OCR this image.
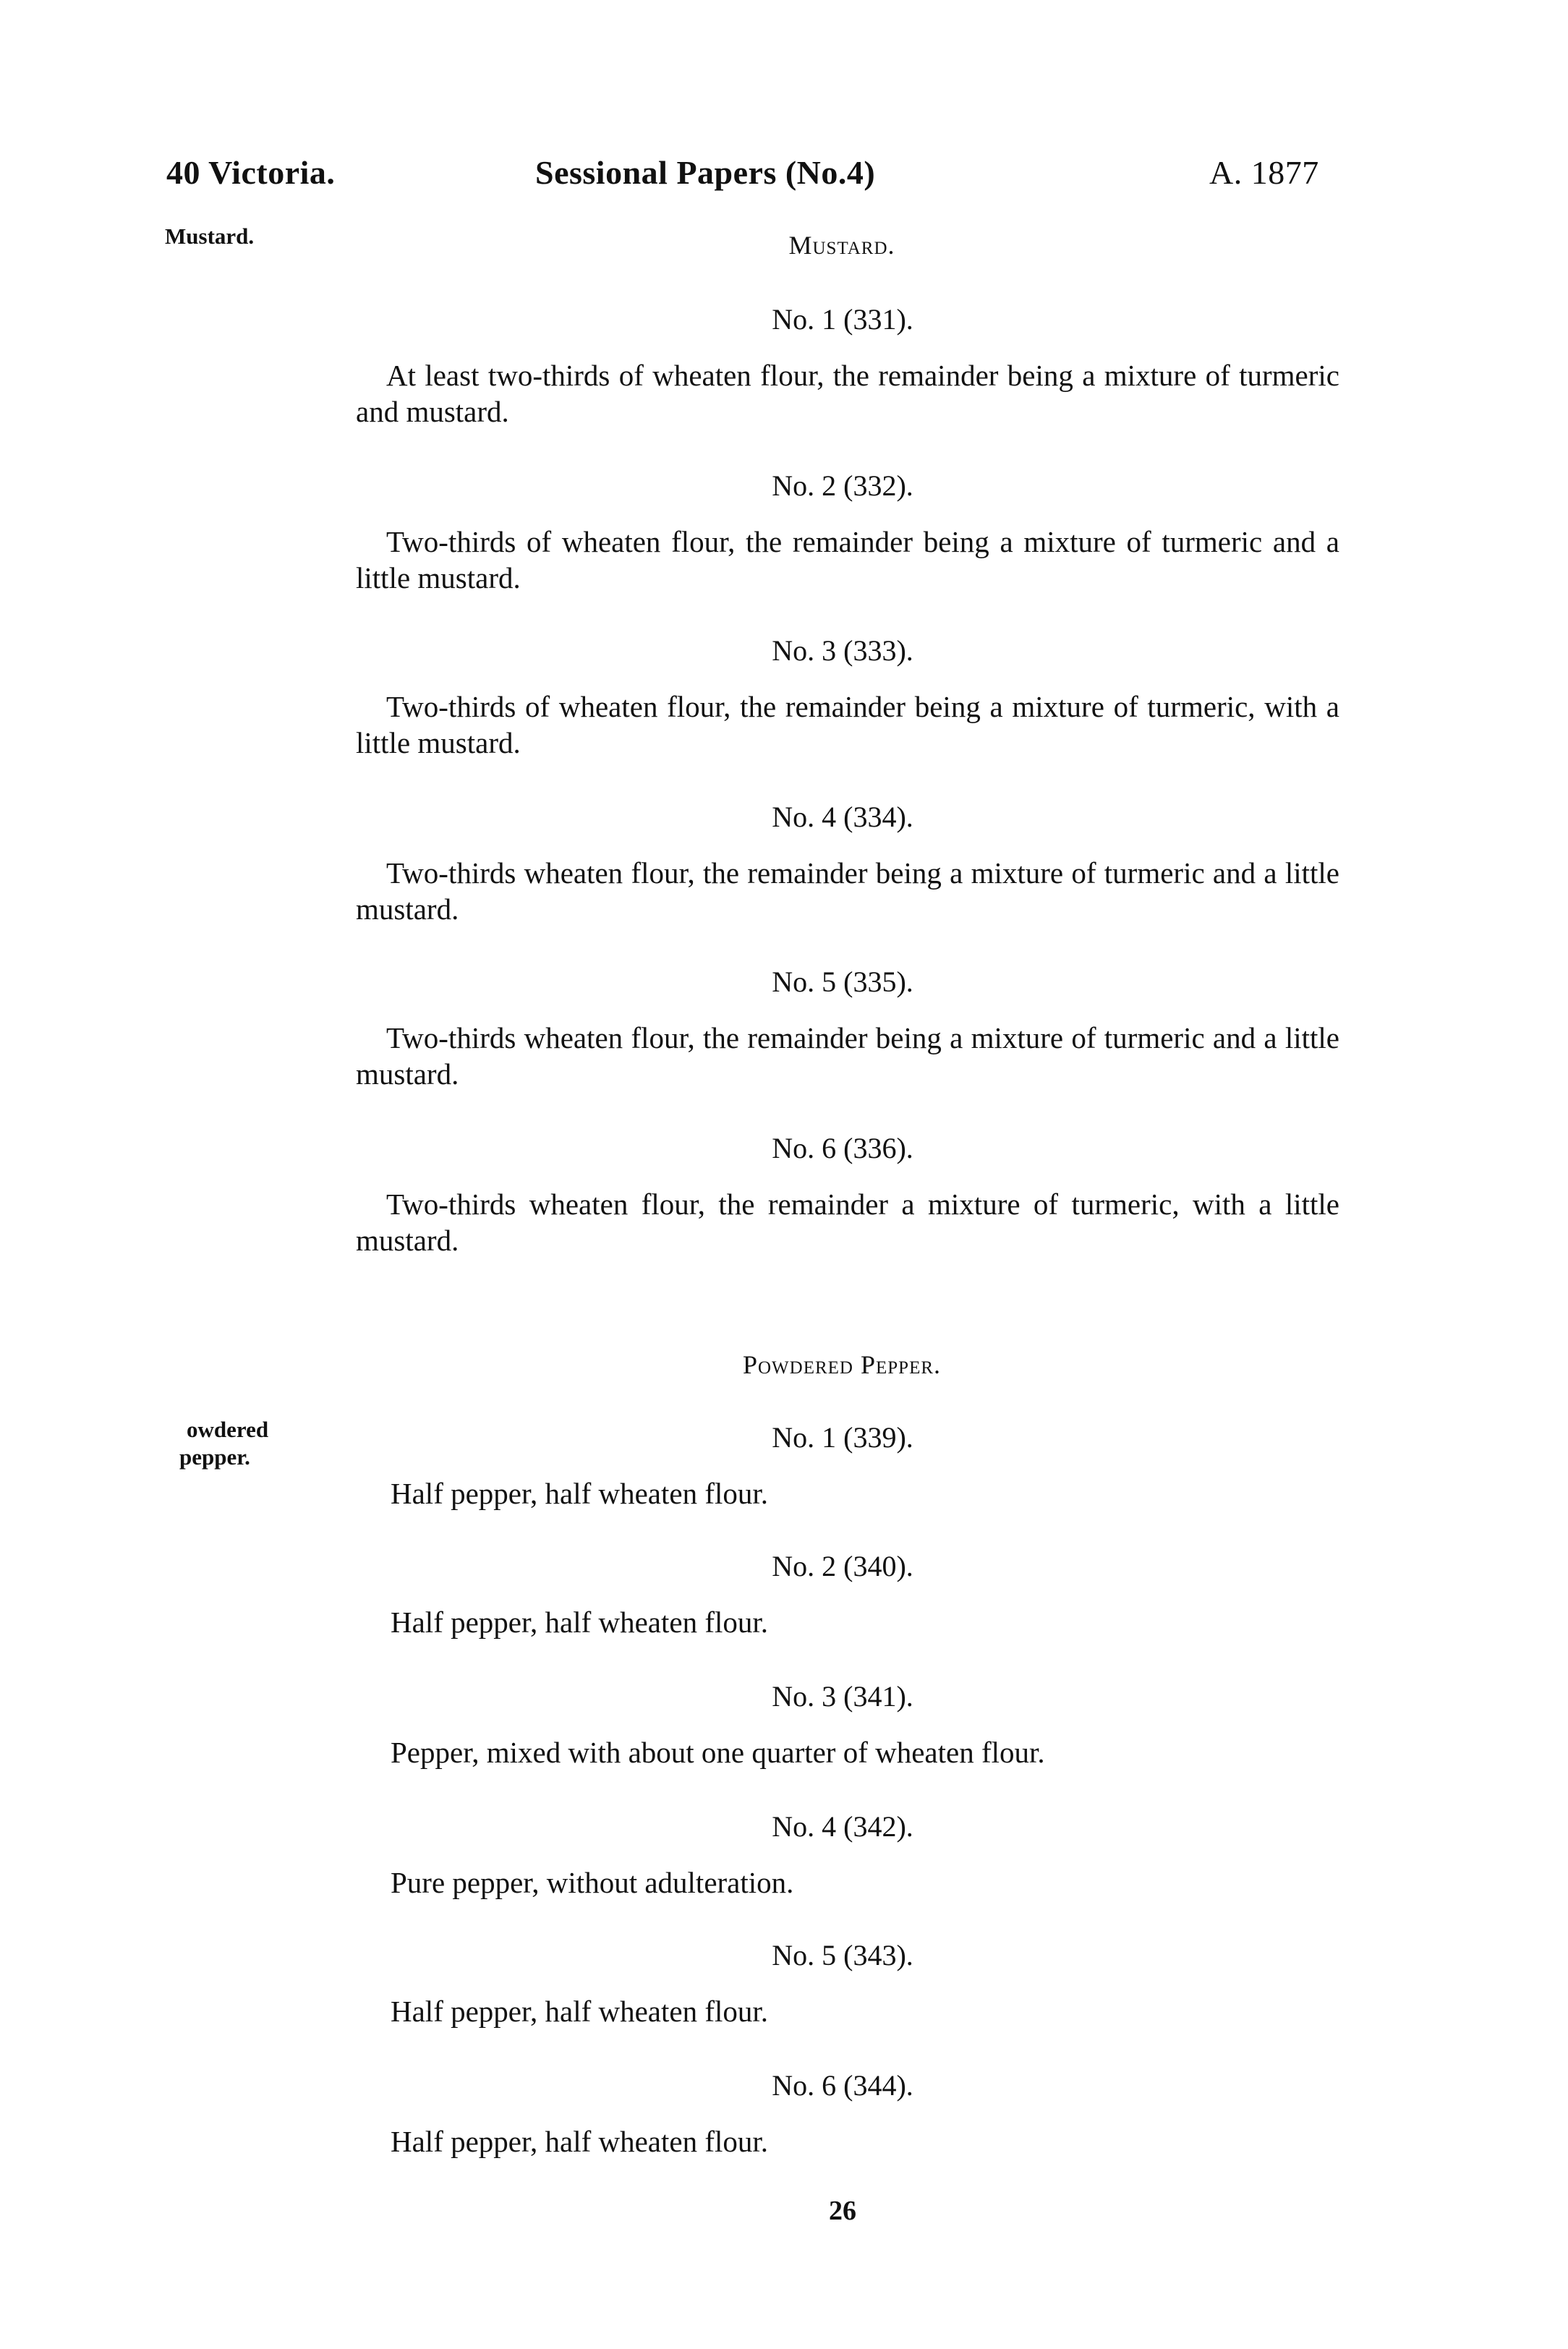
40 Victoria.	Sessional Papers (No.4)	A. 1877
Mustard.	Mustard.
No. 1 (331).
At least two-thirds of wheaten flour, the remainder being a mixture of turmeric and mustard.
No. 2 (332).
Two-thirds of wheaten flour, the remainder being a mixture of turmeric and a little mustard.
No. 3 (333).
Two-thirds of wheaten flour, the remainder being a mixture of turmeric, with a little mustard.
No. 4 (334).
Two-thirds wheaten flour, the remainder being a mixture of turmeric and a little mustard.
No. 5 (335).
Two-thirds wheaten flour, the remainder being a mixture of turmeric and a little mustard.
No. 6 (336).
Two-thirds wheaten flour, the remainder a mixture of turmeric, with a little mustard.
Powdered Pepper.
owdered
pepper.
No. 1 (339).
Half pepper, half wheaten flour.
No. 2 (340).
Half pepper, half wheaten flour.
No. 3 (341).
Pepper, mixed with about one quarter of wheaten flour.
No. 4 (342).
Pure pepper, without adulteration.
No. 5 (343).
Half pepper, half wheaten flour.
No. 6 (344).
Half pepper, half wheaten flour.
26
